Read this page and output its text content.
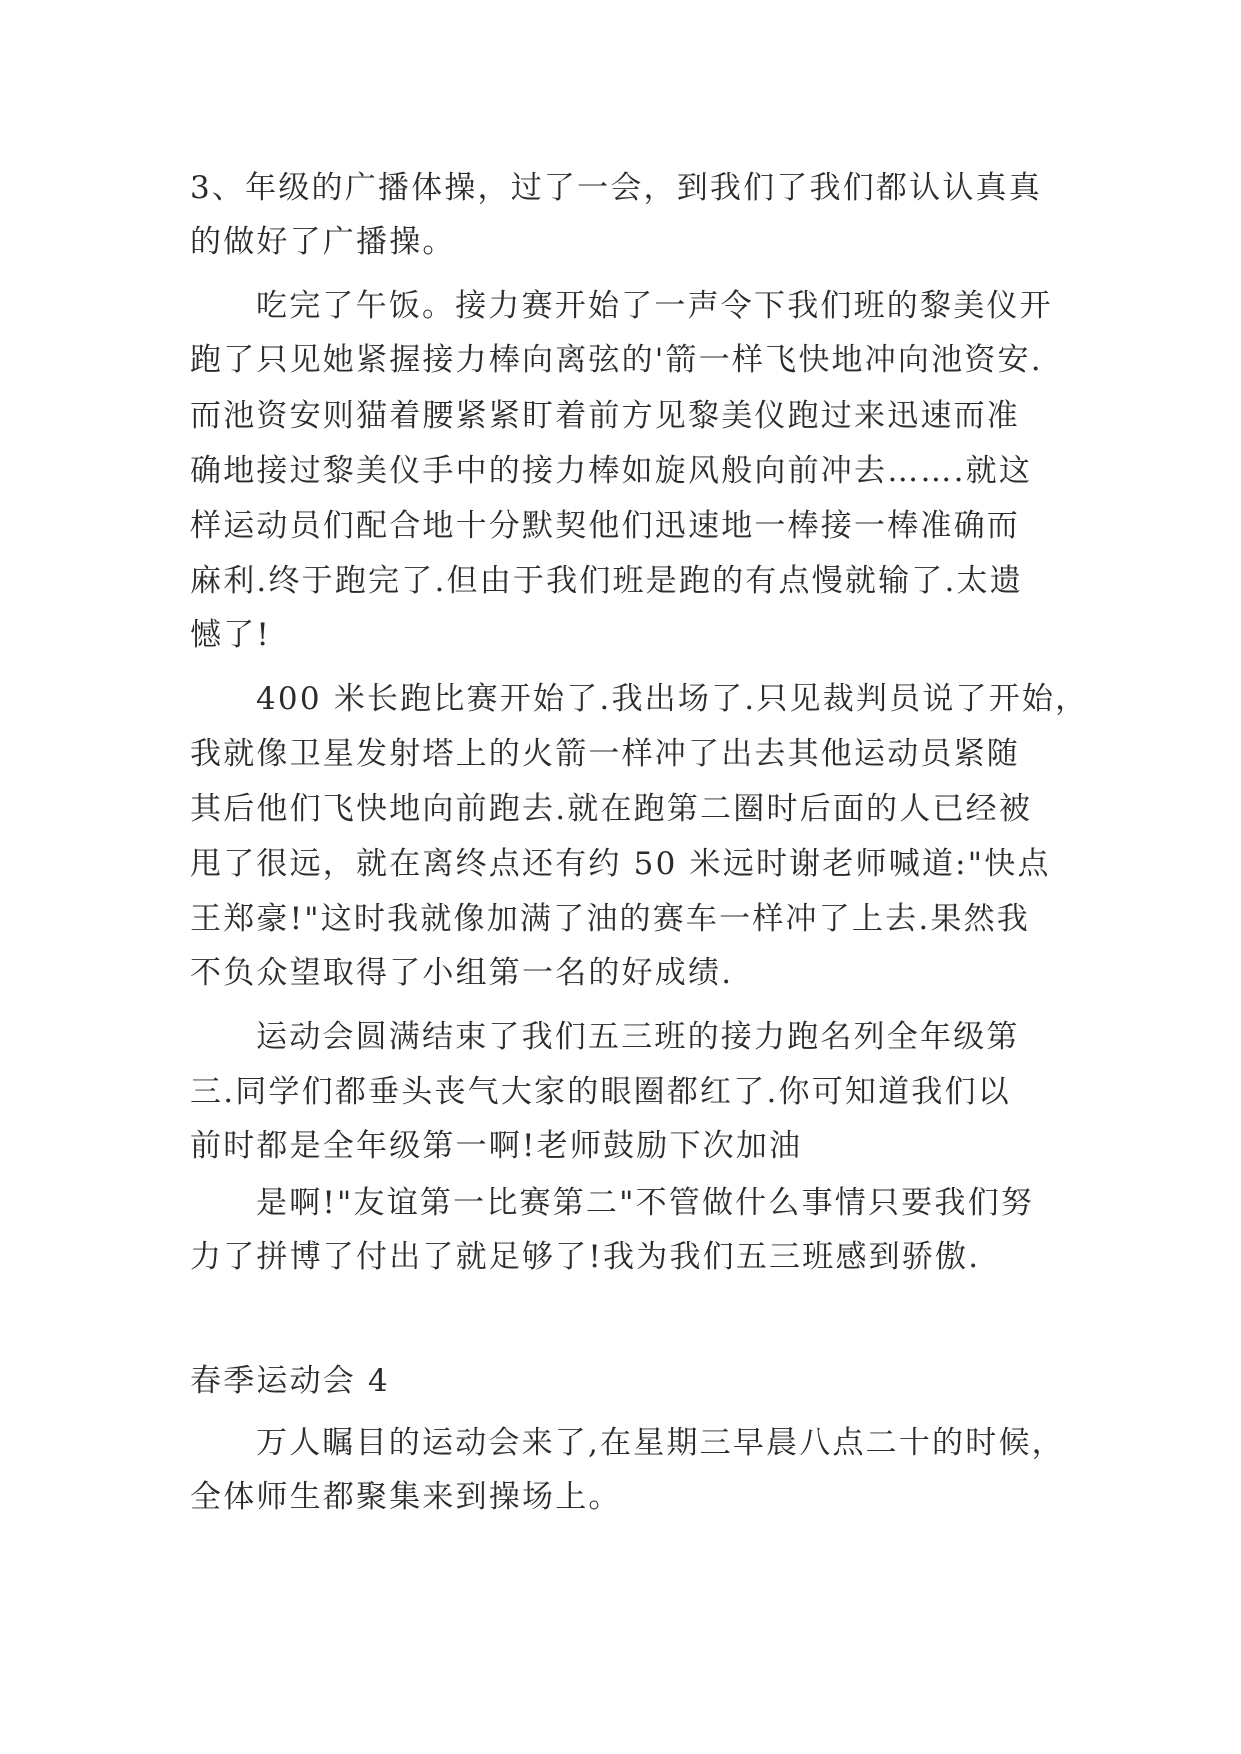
3、年级的广播体操，过了一会，到我们了我们都认认真真
的做好了广播操。
吃完了午饭。接力赛开始了一声令下我们班的黎美仪开
跑了只见她紧握接力棒向离弦的'箭一样飞快地冲向池资安.
而池资安则猫着腰紧紧盯着前方见黎美仪跑过来迅速而准
确地接过黎美仪手中的接力棒如旋风般向前冲去…….就这
样运动员们配合地十分默契他们迅速地一棒接一棒准确而
麻利.终于跑完了.但由于我们班是跑的有点慢就输了.太遗
憾了!
400 米长跑比赛开始了.我出场了.只见裁判员说了开始，
我就像卫星发射塔上的火箭一样冲了出去其他运动员紧随
其后他们飞快地向前跑去.就在跑第二圈时后面的人已经被
甩了很远，就在离终点还有约 50 米远时谢老师喊道:"快点
王郑豪!"这时我就像加满了油的赛车一样冲了上去.果然我
不负众望取得了小组第一名的好成绩.
运动会圆满结束了我们五三班的接力跑名列全年级第
三.同学们都垂头丧气大家的眼圈都红了.你可知道我们以
前时都是全年级第一啊!老师鼓励下次加油
是啊!"友谊第一比赛第二"不管做什么事情只要我们努
力了拼博了付出了就足够了!我为我们五三班感到骄傲.
春季运动会 4
万人瞩目的运动会来了,在星期三早晨八点二十的时候，
全体师生都聚集来到操场上。
